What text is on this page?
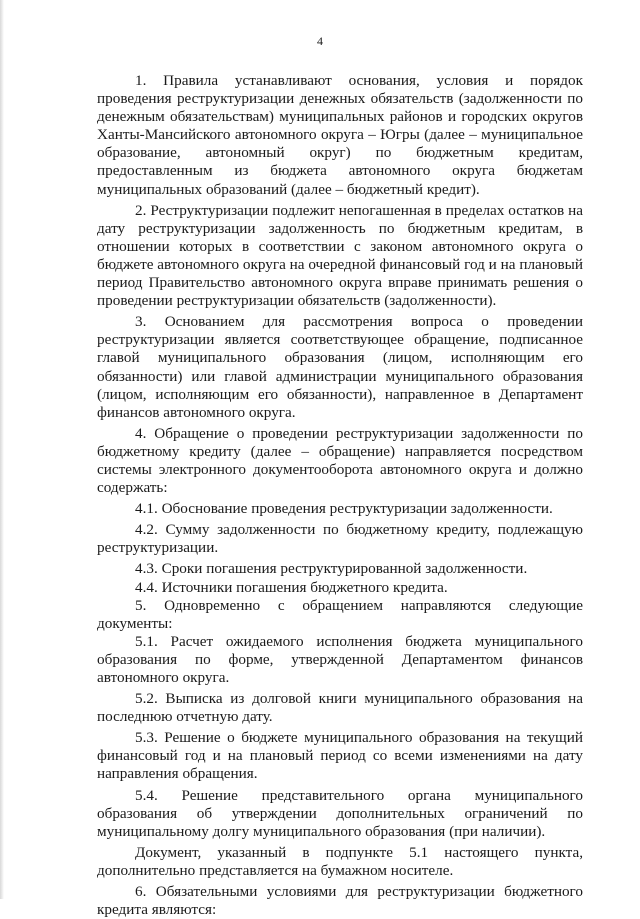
4

1. Правила устанавливают основания, условия и порядок проведения реструктуризации денежных обязательств (задолженности по денежным обязательствам) муниципальных районов и городских округов Ханты-Мансийского автономного округа – Югры (далее – муниципальное образование, автономный округ) по бюджетным кредитам, предоставленным из бюджета автономного округа бюджетам муниципальных образований (далее – бюджетный кредит).

2. Реструктуризации подлежит непогашенная в пределах остатков на дату реструктуризации задолженность по бюджетным кредитам, в отношении которых в соответствии с законом автономного округа о бюджете автономного округа на очередной финансовый год и на плановый период Правительство автономного округа вправе принимать решения о проведении реструктуризации обязательств (задолженности).

3. Основанием для рассмотрения вопроса о проведении реструктуризации является соответствующее обращение, подписанное главой муниципального образования (лицом, исполняющим его обязанности) или главой администрации муниципального образования (лицом, исполняющим его обязанности), направленное в Департамент финансов автономного округа.

4. Обращение о проведении реструктуризации задолженности по бюджетному кредиту (далее – обращение) направляется посредством системы электронного документооборота автономного округа и должно содержать:

4.1. Обоснование проведения реструктуризации задолженности.

4.2. Сумму задолженности по бюджетному кредиту, подлежащую реструктуризации.

4.3. Сроки погашения реструктурированной задолженности.

4.4. Источники погашения бюджетного кредита.

5. Одновременно с обращением направляются следующие документы:

5.1. Расчет ожидаемого исполнения бюджета муниципального образования по форме, утвержденной Департаментом финансов автономного округа.

5.2. Выписка из долговой книги муниципального образования на последнюю отчетную дату.

5.3. Решение о бюджете муниципального образования на текущий финансовый год и на плановый период со всеми изменениями на дату направления обращения.

5.4. Решение представительного органа муниципального образования об утверждении дополнительных ограничений по муниципальному долгу муниципального образования (при наличии).

Документ, указанный в подпункте 5.1 настоящего пункта, дополнительно представляется на бумажном носителе.

6. Обязательными условиями для реструктуризации бюджетного кредита являются:
